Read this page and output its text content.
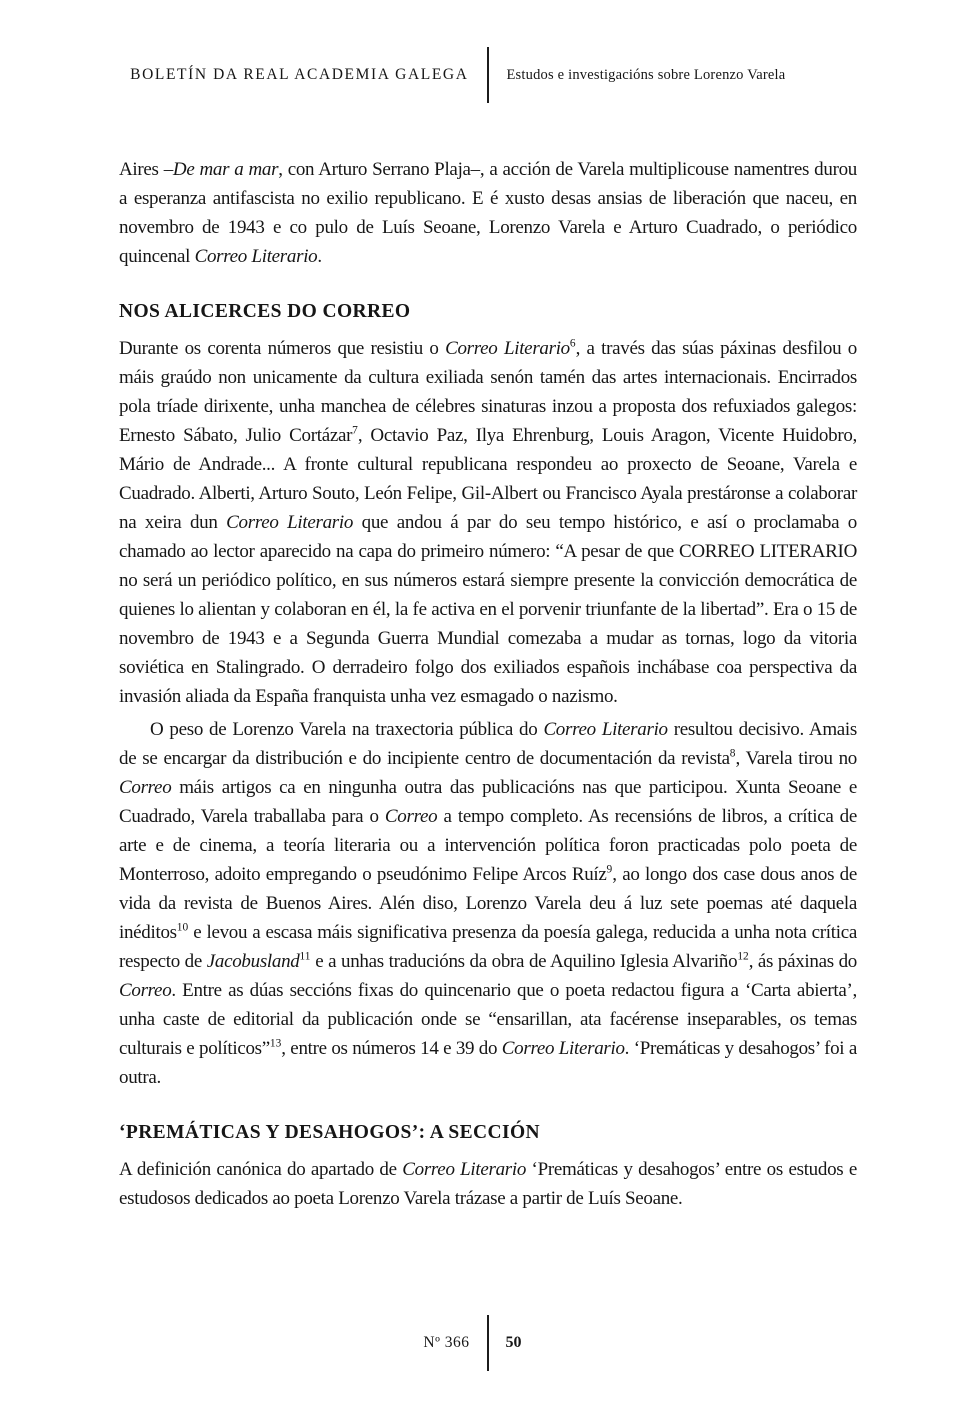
BOLETÍN DA REAL ACADEMIA GALEGA	Estudos e investigacións sobre Lorenzo Varela

Aires –De mar a mar, con Arturo Serrano Plaja–, a acción de Varela multiplicouse namentres durou a esperanza antifascista no exilio republicano. E é xusto desas ansias de liberación que naceu, en novembro de 1943 e co pulo de Luís Seoane, Lorenzo Varela e Arturo Cuadrado, o periódico quincenal Correo Literario.

NOS ALICERCES DO CORREO

Durante os corenta números que resistiu o Correo Literario$^6$, a través das súas páxinas desfilou o máis graúdo non unicamente da cultura exiliada senón tamén das artes internacionais. Encirrados pola tríade dirixente, unha manchea de célebres sinaturas inzou a proposta dos refuxiados galegos: Ernesto Sábato, Julio Cortázar$^7$, Octavio Paz, Ilya Ehrenburg, Louis Aragon, Vicente Huidobro, Mário de Andrade... A fronte cultural republicana respondeu ao proxecto de Seoane, Varela e Cuadrado. Alberti, Arturo Souto, León Felipe, Gil-Albert ou Francisco Ayala prestáronse a colaborar na xeira dun Correo Literario que andou á par do seu tempo histórico, e así o proclamaba o chamado ao lector aparecido na capa do primeiro número: “A pesar de que CORREO LITERARIO no será un periódico político, en sus números estará siempre presente la convicción democrática de quienes lo alientan y colaboran en él, la fe activa en el porvenir triunfante de la libertad”. Era o 15 de novembro de 1943 e a Segunda Guerra Mundial comezaba a mudar as tornas, logo da vitoria soviética en Stalingrado. O derradeiro folgo dos exiliados españois inchábase coa perspectiva da invasión aliada da España franquista unha vez esmagado o nazismo.

O peso de Lorenzo Varela na traxectoria pública do Correo Literario resultou decisivo. Amais de se encargar da distribución e do incipiente centro de documentación da revista$^8$, Varela tirou no Correo máis artigos ca en ningunha outra das publicacións nas que participou. Xunta Seoane e Cuadrado, Varela traballaba para o Correo a tempo completo. As recensións de libros, a crítica de arte e de cinema, a teoría literaria ou a intervención política foron practicadas polo poeta de Monterroso, adoito empregando o pseudónimo Felipe Arcos Ruíz$^9$, ao longo dos case dous anos de vida da revista de Buenos Aires. Alén diso, Lorenzo Varela deu á luz sete poemas até daquela inéditos$^{10}$ e levou a escasa máis significativa presenza da poesía galega, reducida a unha nota crítica respecto de Jacobusland$^{11}$ e a unhas traducións da obra de Aquilino Iglesia Alvariño$^{12}$, ás páxinas do Correo. Entre as dúas seccións fixas do quincenario que o poeta redactou figura a ‘Carta abierta’, unha caste de editorial da publicación onde se “ensarillan, ata facérense inseparables, os temas culturais e políticos”$^{13}$, entre os números 14 e 39 do Correo Literario. ‘Premáticas y desahogos’ foi a outra.

‘PREMÁTICAS Y DESAHOGOS’: A SECCIÓN

A definición canónica do apartado de Correo Literario ‘Premáticas y desahogos’ entre os estudos e estudosos dedicados ao poeta Lorenzo Varela trázase a partir de Luís Seoane.

Nº 366 50
